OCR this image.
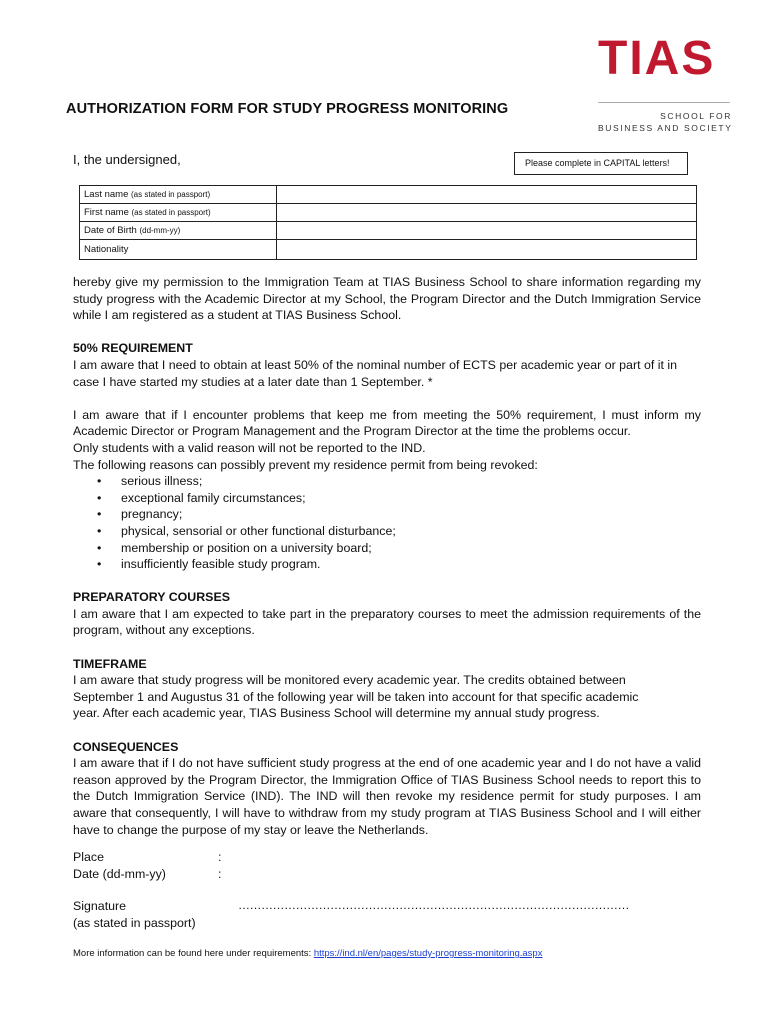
TIAS
SCHOOL FOR
BUSINESS AND SOCIETY
AUTHORIZATION FORM FOR STUDY PROGRESS MONITORING
I, the undersigned,	Please complete in CAPITAL letters!
Last name (as stated in passport)	
First name (as stated in passport)	
Date of Birth (dd-mm-yy)	
Nationality	

hereby give my permission to the Immigration Team at TIAS Business School to share information regarding my study progress with the Academic Director at my School, the Program Director and the Dutch Immigration Service while I am registered as a student at TIAS Business School.

50% REQUIREMENT

I am aware that I need to obtain at least 50% of the nominal number of ECTS per academic year or part of it in case I have started my studies at a later date than 1 September. *

I am aware that if I encounter problems that keep me from meeting the 50% requirement, I must inform my Academic Director or Program Management and the Program Director at the time the problems occur.

Only students with a valid reason will not be reported to the IND.

The following reasons can possibly prevent my residence permit from being revoked:

• serious illness;
• exceptional family circumstances;
• pregnancy;
• physical, sensorial or other functional disturbance;
• membership or position on a university board;
• insufficiently feasible study program.

PREPARATORY COURSES

I am aware that I am expected to take part in the preparatory courses to meet the admission requirements of the program, without any exceptions.

TIMEFRAME

I am aware that study progress will be monitored every academic year. The credits obtained between

September 1 and Augustus 31 of the following year will be taken into account for that specific academic

year. After each academic year, TIAS Business School will determine my annual study progress.

CONSEQUENCES

I am aware that if I do not have sufficient study progress at the end of one academic year and I do not have a valid reason approved by the Program Director, the Immigration Office of TIAS Business School needs to report this to the Dutch Immigration Service (IND). The IND will then revoke my residence permit for study purposes. I am aware that consequently, I will have to withdraw from my study program at TIAS Business School and I will either have to change the purpose of my stay or leave the Netherlands.

Place	:
Date (dd-mm-yy)	:
Signature
(as stated in passport)
…………………………………………………………………………………………
More information can be found here under requirements: https://ind.nl/en/pages/study-progress-monitoring.aspx
